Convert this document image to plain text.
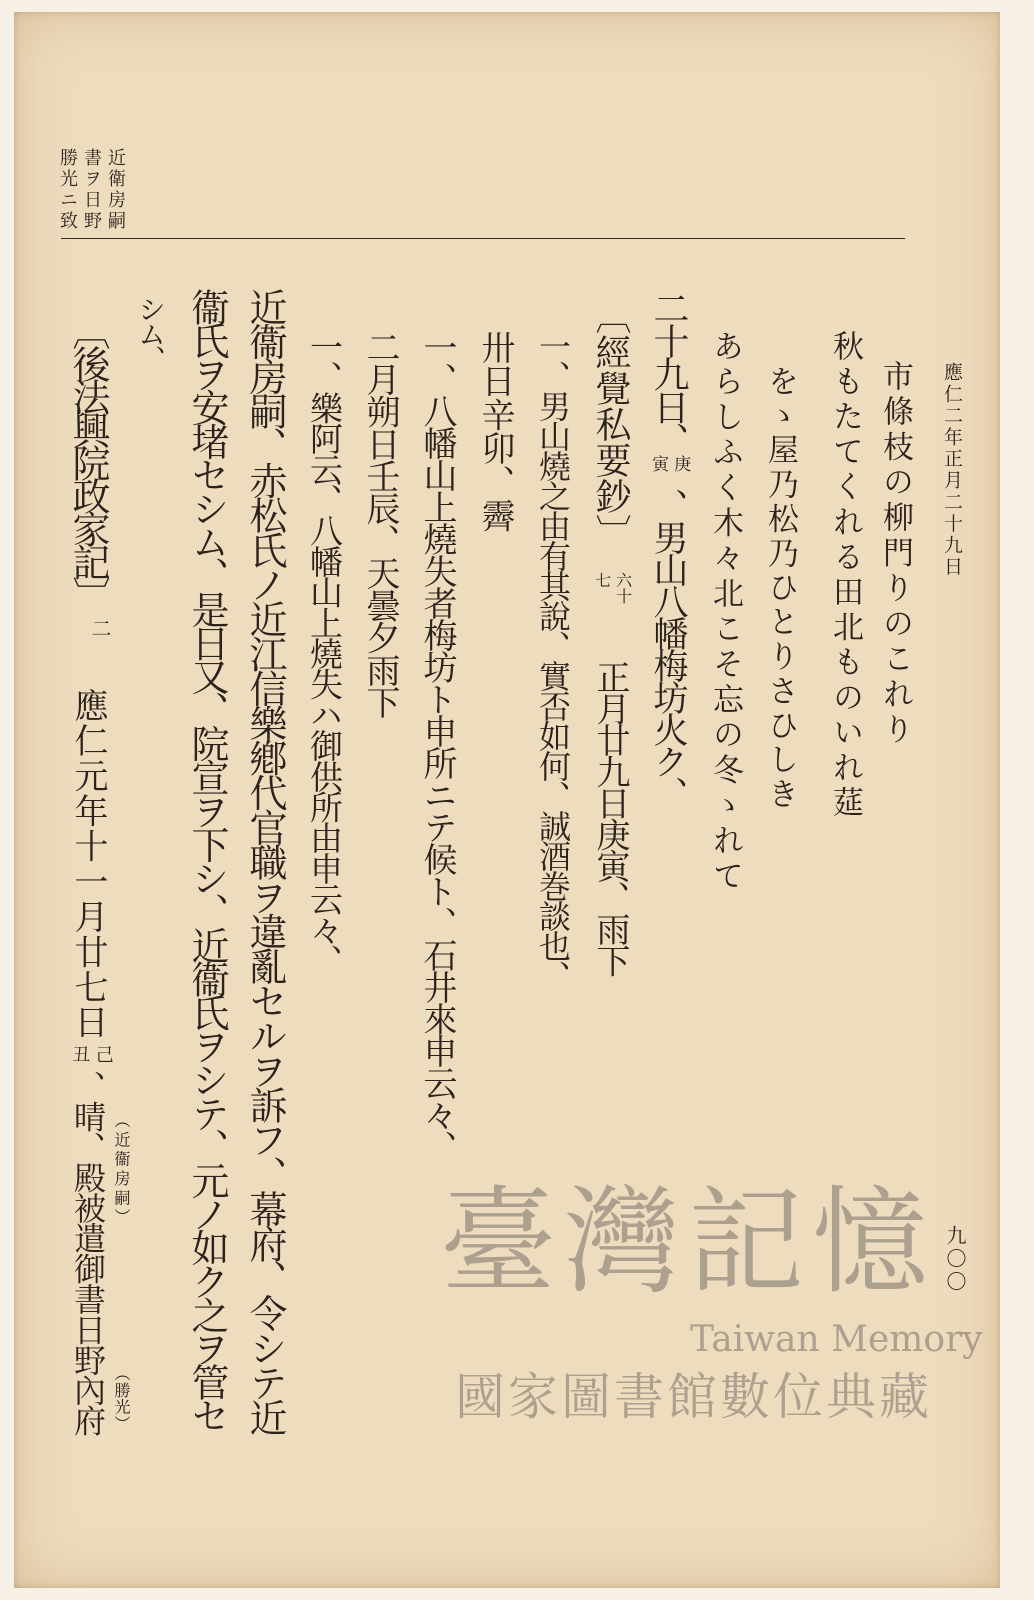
應仁二年正月二十九日
九〇〇
近衛房嗣
書ヲ日野
勝光ニ致
市條枝の柳門りのこれり
秋もたてくれる田北ものいれ莚
をゝ屋乃松乃ひとりさひしき
あらしふく木々北こそ忘の冬ゝれて
二十九日、
庚
寅
、男山八幡梅坊火ク、
〔經覺私要鈔〕
六十
七
正月廿九日庚寅、雨下
一、男山燒之由有其說、實否如何、誠酒巻談也、
卅日辛卯、霽
一、八幡山上燒失者梅坊ト申所ニテ候ト、石井來申云々、
二月朔日壬辰、天曇夕雨下
一、樂阿云、八幡山上燒失ハ御供所由申云々、
近衞房嗣、赤松氏ノ近江信樂鄕代官職ヲ違亂セルヲ訴フ、幕府、令シテ近
衞氏ヲ安堵セシム、是日又、院宣ヲ下シ、近衞氏ヲシテ、元ノ如ク之ヲ管セ
シム、
〔後法興院政家記〕
二
應仁元年十一月廿七日
己
丑
、晴、殿被遣御書日野內府 （近衞房嗣）
（勝光）
臺灣記憶
Taiwan Memory
國家圖書館數位典藏
